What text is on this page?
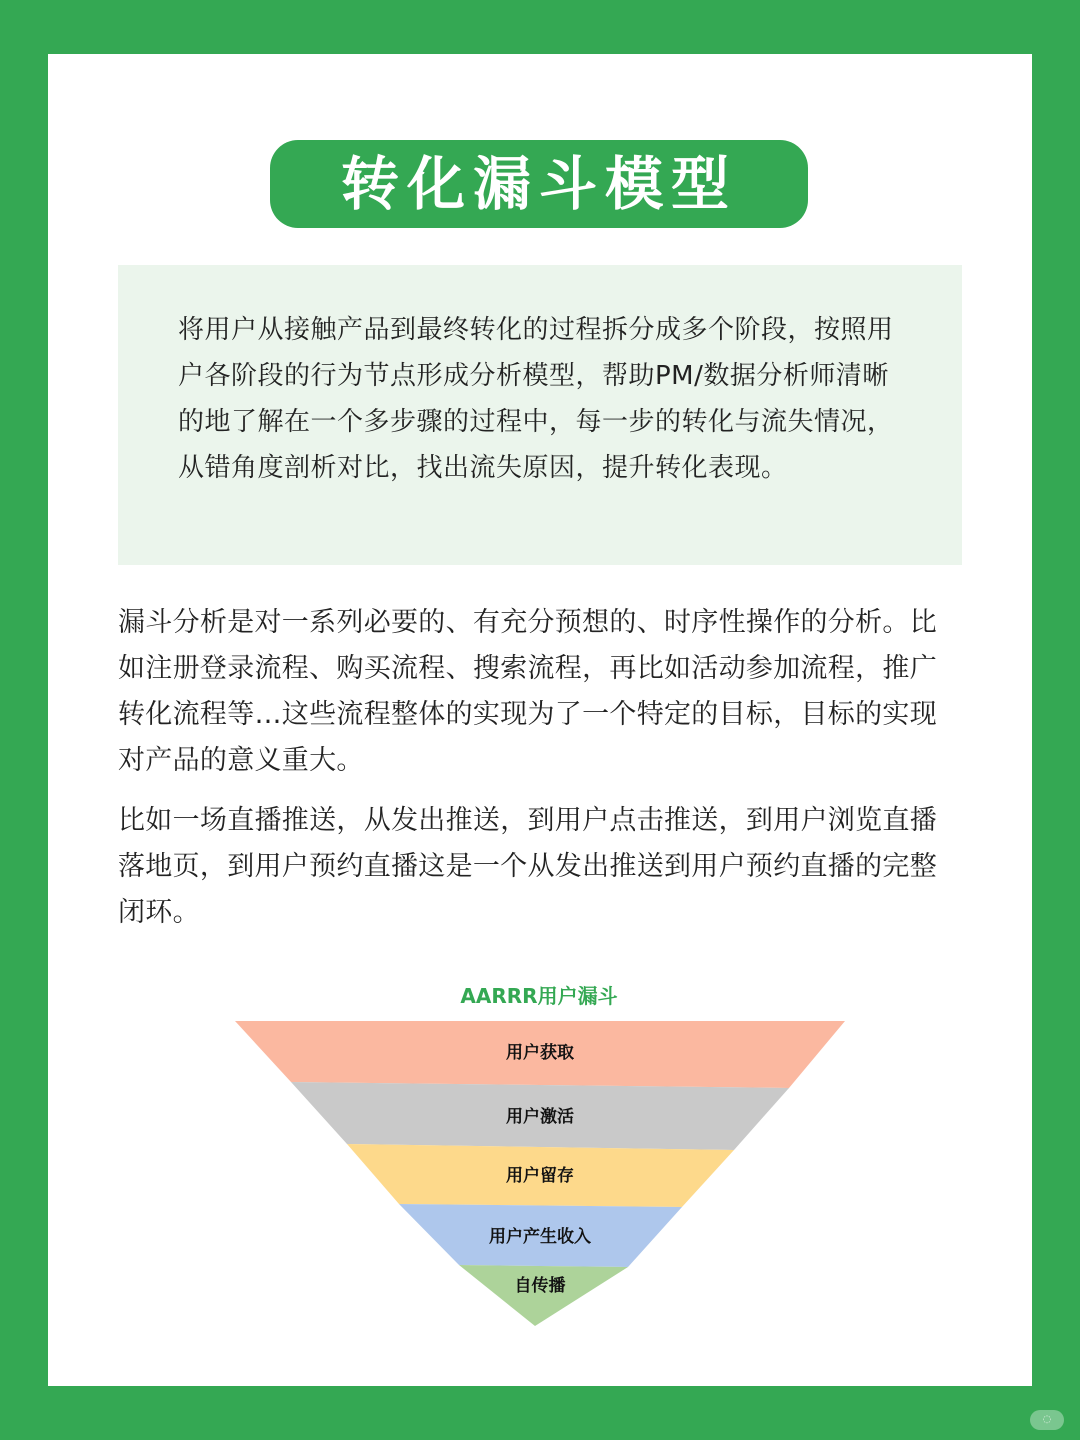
转化漏斗模型

将用户从接触产品到最终转化的过程拆分成多个阶段，按照用户各阶段的行为节点形成分析模型，帮助PM/数据分析师清晰的地了解在一个多步骤的过程中，每一步的转化与流失情况，从错角度剖析对比，找出流失原因，提升转化表现。

漏斗分析是对一系列必要的、有充分预想的、时序性操作的分析。比如注册登录流程、购买流程、搜索流程，再比如活动参加流程，推广转化流程等…这些流程整体的实现为了一个特定的目标，目标的实现对产品的意义重大。

比如一场直播推送，从发出推送，到用户点击推送，到用户浏览直播落地页，到用户预约直播这是一个从发出推送到用户预约直播的完整闭环。

AARRR用户漏斗
用户获取
用户激活
用户留存
用户产生收入
自传播
◌
